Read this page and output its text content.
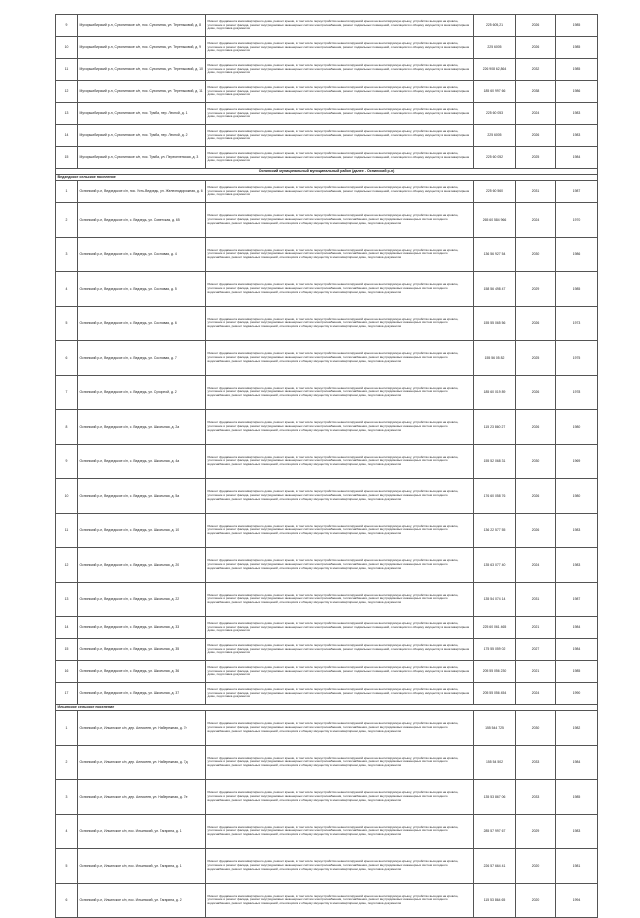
9	Мухоршибирский р-н, Сухонинское с/п, пос. Сухонинск, ул. Тереньковой, д. 8	Ремонт фундамента многоквартирного дома, ремонт крыши, в том числе переустройство невентилируемой крыши на вентилируемую крышу, устройство выходов на кровлю, утепление и ремонт фасада, ремонт внутридомовых инженерных систем электроснабжения, ремонт подвальных помещений, относящихся к общему имуществу в многоквартирном доме, подготовка документов	225 605,21	2026	1985
10	Мухоршибирский р-н, Сухонинское с/п, пос. Сухонинск, ул. Тереньковой, д. 9	Ремонт фундамента многоквартирного дома, ремонт крыши, в том числе переустройство невентилируемой крыши на вентилируемую крышу, устройство выходов на кровлю, утепление и ремонт фасада, ремонт внутридомовых инженерных систем электроснабжения, ремонт подвальных помещений, относящихся к общему имуществу в многоквартирном доме, подготовка документов	225 6005	2026	1985
11	Мухоршибирский р-н, Сухонинское с/п, пос. Сухонинск, ул. Тереньковой, д. 10	Ремонт фундамента многоквартирного дома, ремонт крыши, в том числе переустройство невентилируемой крыши на вентилируемую крышу, устройство выходов на кровлю, утепление и ремонт фасада, ремонт внутридомовых инженерных систем электроснабжения, ремонт подвальных помещений, относящихся к общему имуществу в многоквартирном доме, подготовка документов	226 908 62,864	2032	1985
12	Мухоршибирский р-н, Сухонинское с/п, пос. Сухонинск, ул. Тереньковой, д. 11	Ремонт фундамента многоквартирного дома, ремонт крыши, в том числе переустройство невентилируемой крыши на вентилируемую крышу, устройство выходов на кровлю, утепление и ремонт фасада, ремонт внутридомовых инженерных систем электроснабжения, ремонт подвальных помещений, относящихся к общему имуществу в многоквартирном доме, подготовка документов	185 60 997 66	2038	1986
13	Мухоршибирский р-н, Сухонинское с/п, пос. Тумба, пер. Лесной, д. 1	Ремонт фундамента многоквартирного дома, ремонт крыши, в том числе переустройство невентилируемой крыши на вентилируемую крышу, устройство выходов на кровлю, утепление и ремонт фасада, ремонт внутридомовых инженерных систем электроснабжения, ремонт подвальных помещений, относящихся к общему имуществу в многоквартирном доме, подготовка документов	225 60 053	2024	1983
14	Мухоршибирский р-н, Сухонинское с/п, пос. Тумба, пер. Лесной, д. 2	Ремонт фундамента многоквартирного дома, ремонт крыши, в том числе переустройство невентилируемой крыши на вентилируемую крышу, устройство выходов на кровлю, утепление и ремонт фасада, ремонт внутридомовых инженерных систем электроснабжения, ремонт подвальных помещений, относящихся к общему имуществу в многоквартирном доме, подготовка документов	225 6005	2026	1983
15	Мухоршибирский р-н, Сухонинское с/п, пос. Тумба, ул. Переселенская, д. 3	Ремонт фундамента многоквартирного дома, ремонт крыши, в том числе переустройство невентилируемой крыши на вентилируемую крышу, устройство выходов на кровлю, утепление и ремонт фасада, ремонт внутридомовых инженерных систем электроснабжения, ремонт подвальных помещений, относящихся к общему имуществу в многоквартирном доме, подготовка документов	225 60 052	2025	1984
Оспинский муниципальный муниципальный район (далее - Оспинский р-н)					
Ведзедское сельское поселение					
1	Оспинский р-н, Ведзедское с/п, пос. Усть-Ведзедь, ул. Железнодорожная, д. 6	Ремонт фундамента многоквартирного дома, ремонт крыши, в том числе переустройство невентилируемой крыши на вентилируемую крышу, устройство выходов на кровлю, утепление и ремонт фасада, ремонт внутридомовых инженерных систем электроснабжения, ремонт подвальных помещений, относящихся к общему имуществу в многоквартирном доме, подготовка документов	225 60 560	2031	1987
2	Оспинский р-н, Ведзедское с/п, с. Ведзедь, ул. Советская, д. 65	Ремонт фундамента многоквартирного дома, ремонт крыши, в том числе переустройство невентилируемой крыши на вентилируемую крышу, устройство выходов на кровлю, утепление и ремонт фасада, ремонт внутридомовых инженерных систем электроснабжения, теплоснабжения, ремонт внутридомовых инженерных систем холодного водоснабжения, ремонт подвальных помещений, относящихся к общему имуществу в многоквартирном доме, подготовка документов	265 60 584 966	2024	1970
3	Оспинский р-н, Ведзедское с/п, с. Ведзедь, ул. Сосновая, д. 4	Ремонт фундамента многоквартирного дома, ремонт крыши, в том числе переустройство невентилируемой крыши на вентилируемую крышу, устройство выходов на кровлю, утепление и ремонт фасада, ремонт внутридомовых инженерных систем электроснабжения, теплоснабжения, ремонт внутридомовых инженерных систем холодного водоснабжения, ремонт подвальных помещений, относящихся к общему имуществу в многоквартирном доме, подготовка документов	136 56 927 54	2030	1986
4	Оспинский р-н, Ведзедское с/п, с. Ведзедь, ул. Сосновая, д. 5	Ремонт фундамента многоквартирного дома, ремонт крыши, в том числе переустройство невентилируемой крыши на вентилируемую крышу, устройство выходов на кровлю, утепление и ремонт фасада, ремонт внутридомовых инженерных систем электроснабжения, теплоснабжения, ремонт внутридомовых инженерных систем холодного водоснабжения, ремонт подвальных помещений, относящихся к общему имуществу в многоквартирном доме, подготовка документов	158 56 498 47	2029	1985
5	Оспинский р-н, Ведзедское с/п, с. Ведзедь, ул. Сосновая, д. 6	Ремонт фундамента многоквартирного дома, ремонт крыши, в том числе переустройство невентилируемой крыши на вентилируемую крышу, устройство выходов на кровлю, утепление и ремонт фасада, ремонт внутридомовых инженерных систем электроснабжения, теплоснабжения, ремонт внутридомовых инженерных систем холодного водоснабжения, ремонт подвальных помещений, относящихся к общему имуществу в многоквартирном доме, подготовка документов	155 55 065 56	2026	1973
6	Оспинский р-н, Ведзедское с/п, с. Ведзедь, ул. Сосновая, д. 7	Ремонт фундамента многоквартирного дома, ремонт крыши, в том числе переустройство невентилируемой крыши на вентилируемую крышу, устройство выходов на кровлю, утепление и ремонт фасада, ремонт внутридомовых инженерных систем электроснабжения, теплоснабжения, ремонт внутридомовых инженерных систем холодного водоснабжения, ремонт подвальных помещений, относящихся к общему имуществу в многоквартирном доме, подготовка документов	155 56 05 82	2025	1975
7	Оспинский р-н, Ведзедское с/п, с. Ведзедь, ул. Сухорной, д. 2	Ремонт фундамента многоквартирного дома, ремонт крыши, в том числе переустройство невентилируемой крыши на вентилируемую крышу, устройство выходов на кровлю, утепление и ремонт фасада, ремонт внутридомовых инженерных систем электроснабжения, теплоснабжения, ремонт внутридомовых инженерных систем холодного водоснабжения, ремонт подвальных помещений, относящихся к общему имуществу в многоквартирном доме, подготовка документов	185 60 019 89	2026	1978
8	Оспинский р-н, Ведзедское с/п, с. Ведзедь, ул. Школьная, д. 2а	Ремонт фундамента многоквартирного дома, ремонт крыши, в том числе переустройство невентилируемой крыши на вентилируемую крышу, устройство выходов на кровлю, утепление и ремонт фасада, ремонт внутридомовых инженерных систем электроснабжения, теплоснабжения, ремонт внутридомовых инженерных систем холодного водоснабжения, ремонт подвальных помещений, относящихся к общему имуществу в многоквартирном доме, подготовка документов	115 23 860 27	2026	1980
9	Оспинский р-н, Ведзедское с/п, с. Ведзедь, ул. Школьная, д. 4а	Ремонт фундамента многоквартирного дома, ремонт крыши, в том числе переустройство невентилируемой крыши на вентилируемую крышу, устройство выходов на кровлю, утепление и ремонт фасада, ремонт внутридомовых инженерных систем электроснабжения, теплоснабжения, ремонт внутридомовых инженерных систем холодного водоснабжения, ремонт подвальных помещений, относящихся к общему имуществу в многоквартирном доме, подготовка документов	155 52 068 31	2030	1969
10	Оспинский р-н, Ведзедское с/п, с. Ведзедь, ул. Школьная, д. 5а	Ремонт фундамента многоквартирного дома, ремонт крыши, в том числе переустройство невентилируемой крыши на вентилируемую крышу, устройство выходов на кровлю, утепление и ремонт фасада, ремонт внутридомовых инженерных систем электроснабжения, теплоснабжения, ремонт внутридомовых инженерных систем холодного водоснабжения, ремонт подвальных помещений, относящихся к общему имуществу в многоквартирном доме, подготовка документов	176 60 058 76	2026	1980
11	Оспинский р-н, Ведзедское с/п, с. Ведзедь, ул. Школьная, д. 10	Ремонт фундамента многоквартирного дома, ремонт крыши, в том числе переустройство невентилируемой крыши на вентилируемую крышу, устройство выходов на кровлю, утепление и ремонт фасада, ремонт внутридомовых инженерных систем электроснабжения, теплоснабжения, ремонт внутридомовых инженерных систем холодного водоснабжения, ремонт подвальных помещений, относящихся к общему имуществу в многоквартирном доме, подготовка документов	136 22 577 55	2026	1983
12	Оспинский р-н, Ведзедское с/п, с. Ведзедь, ул. Школьная, д. 20	Ремонт фундамента многоквартирного дома, ремонт крыши, в том числе переустройство невентилируемой крыши на вентилируемую крышу, устройство выходов на кровлю, утепление и ремонт фасада, ремонт внутридомовых инженерных систем электроснабжения, теплоснабжения, ремонт внутридомовых инженерных систем холодного водоснабжения, ремонт подвальных помещений, относящихся к общему имуществу в многоквартирном доме, подготовка документов	135 63 077 40	2024	1983
13	Оспинский р-н, Ведзедское с/п, с. Ведзедь, ул. Школьная, д. 22	Ремонт фундамента многоквартирного дома, ремонт крыши, в том числе переустройство невентилируемой крыши на вентилируемую крышу, устройство выходов на кровлю, утепление и ремонт фасада, ремонт внутридомовых инженерных систем электроснабжения, теплоснабжения, ремонт внутридомовых инженерных систем холодного водоснабжения, ремонт подвальных помещений, относящихся к общему имуществу в многоквартирном доме, подготовка документов	135 54 074 14	2031	1987
14	Оспинский р-н, Ведзедское с/п, с. Ведзедь, ул. Школьная, д. 33	Ремонт фундамента многоквартирного дома, ремонт крыши, в том числе переустройство невентилируемой крыши на вентилируемую крышу, устройство выходов на кровлю, утепление и ремонт фасада, ремонт внутридомовых инженерных систем электроснабжения, ремонт подвальных помещений, относящихся к общему имуществу в многоквартирном доме, подготовка документов	225 60 061 465	2021	1984
15	Оспинский р-н, Ведзедское с/п, с. Ведзедь, ул. Школьная, д. 35	Ремонт фундамента многоквартирного дома, ремонт крыши, в том числе переустройство невентилируемой крыши на вентилируемую крышу, устройство выходов на кровлю, утепление и ремонт фасада, ремонт внутридомовых инженерных систем электроснабжения, ремонт подвальных помещений, относящихся к общему имуществу в многоквартирном доме, подготовка документов	175 55 059 02	2027	1984
16	Оспинский р-н, Ведзедское с/п, с. Ведзедь, ул. Школьная, д. 36	Ремонт фундамента многоквартирного дома, ремонт крыши, в том числе переустройство невентилируемой крыши на вентилируемую крышу, устройство выходов на кровлю, утепление и ремонт фасада, ремонт внутридомовых инженерных систем электроснабжения, ремонт подвальных помещений, относящихся к общему имуществу в многоквартирном доме, подготовка документов	205 55 056 230	2021	1985
17	Оспинский р-н, Ведзедское с/п, с. Ведзедь, ул. Школьная, д. 37	Ремонт фундамента многоквартирного дома, ремонт крыши, в том числе переустройство невентилируемой крыши на вентилируемую крышу, устройство выходов на кровлю, утепление и ремонт фасада, ремонт внутридомовых инженерных систем электроснабжения, ремонт подвальных помещений, относящихся к общему имуществу в многоквартирном доме, подготовка документов	205 55 056 454	2024	1990
Ильинское сельское поселение					
1	Оспинский р-н, Ильинское с/п, дер. Алексеев, ул. Набережная, д. 7г	Ремонт фундамента многоквартирного дома, ремонт крыши, в том числе переустройство невентилируемой крыши на вентилируемую крышу, устройство выходов на кровлю, утепление и ремонт фасада, ремонт внутридомовых инженерных систем электроснабжения, теплоснабжения, ремонт внутридомовых инженерных систем холодного водоснабжения, ремонт подвальных помещений, относящихся к общему имуществу в многоквартирном доме, подготовка документов	155 544 725	2030	1982
2	Оспинский р-н, Ильинское с/п, дер. Алексеев, ул. Набережная, д. 7д	Ремонт фундамента многоквартирного дома, ремонт крыши, в том числе переустройство невентилируемой крыши на вентилируемую крышу, устройство выходов на кровлю, утепление и ремонт фасада, ремонт внутридомовых инженерных систем электроснабжения, теплоснабжения, ремонт внутридомовых инженерных систем холодного водоснабжения, ремонт подвальных помещений, относящихся к общему имуществу в многоквартирном доме, подготовка документов	155 54 502	2033	1984
3	Оспинский р-н, Ильинское с/п, дер. Алексеев, ул. Набережная, д. 7е	Ремонт фундамента многоквартирного дома, ремонт крыши, в том числе переустройство невентилируемой крыши на вентилируемую крышу, устройство выходов на кровлю, утепление и ремонт фасада, ремонт внутридомовых инженерных систем электроснабжения, теплоснабжения, ремонт внутридомовых инженерных систем холодного водоснабжения, ремонт подвальных помещений, относящихся к общему имуществу в многоквартирном доме, подготовка документов	135 53 867 06	2033	1985
4	Оспинский р-н, Ильинское с/п, пос. Ильинский, ул. Гагарина, д. 1	Ремонт фундамента многоквартирного дома, ремонт крыши, в том числе переустройство невентилируемой крыши на вентилируемую крышу, устройство выходов на кровлю, утепление и ремонт фасада, ремонт внутридомовых инженерных систем электроснабжения, теплоснабжения, ремонт внутридомовых инженерных систем холодного водоснабжения, ремонт подвальных помещений, относящихся к общему имуществу в многоквартирном доме, подготовка документов	285 57 997 67	2029	1983
5	Оспинский р-н, Ильинское с/п, пос. Ильинский, ул. Гагарина, д. 1	Ремонт фундамента многоквартирного дома, ремонт крыши, в том числе переустройство невентилируемой крыши на вентилируемую крышу, устройство выходов на кровлю, утепление и ремонт фасада, ремонт внутридомовых инженерных систем электроснабжения, теплоснабжения, ремонт внутридомовых инженерных систем холодного водоснабжения, ремонт подвальных помещений, относящихся к общему имуществу в многоквартирном доме, подготовка документов	226 57 664 41	2020	1981
6	Оспинский р-н, Ильинское с/п, пос. Ильинский, ул. Гагарина, д. 2	Ремонт фундамента многоквартирного дома, ремонт крыши, в том числе переустройство невентилируемой крыши на вентилируемую крышу, устройство выходов на кровлю, утепление и ремонт фасада, ремонт внутридомовых инженерных систем электроснабжения, теплоснабжения, ремонт внутридомовых инженерных систем холодного водоснабжения, ремонт подвальных помещений, относящихся к общему имуществу в многоквартирном доме, подготовка документов	115 53 864 65	2020	1994
